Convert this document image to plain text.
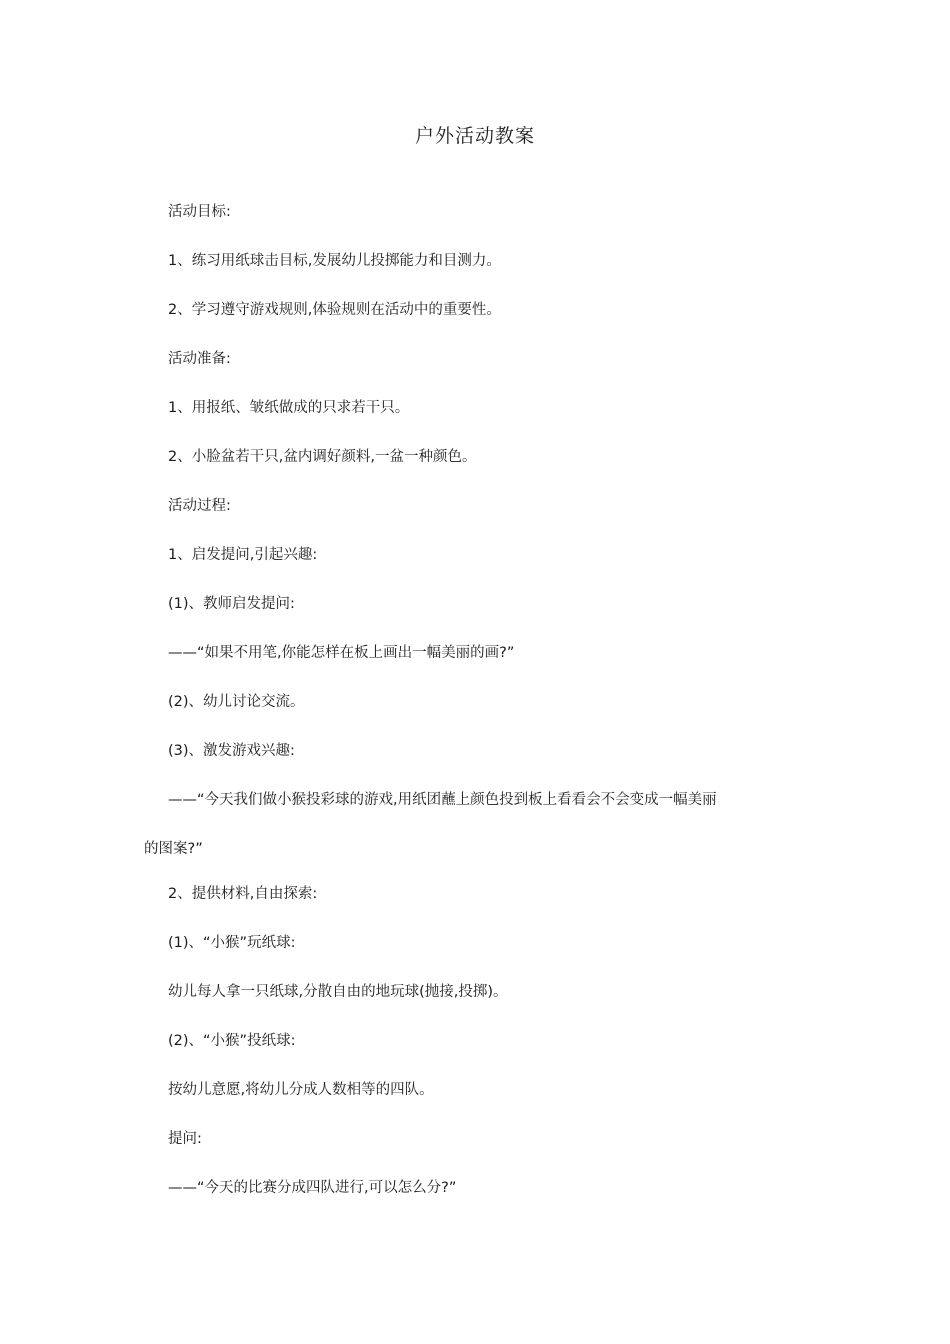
户外活动教案

活动目标:

1、练习用纸球击目标,发展幼儿投掷能力和目测力。

2、学习遵守游戏规则,体验规则在活动中的重要性。

活动准备:

1、用报纸、皱纸做成的只求若干只。

2、小脸盆若干只,盆内调好颜料,一盆一种颜色。

活动过程:

1、启发提问,引起兴趣:

(1)、教师启发提问:

——“如果不用笔,你能怎样在板上画出一幅美丽的画?”

(2)、幼儿讨论交流。

(3)、激发游戏兴趣:

——“今天我们做小猴投彩球的游戏,用纸团蘸上颜色投到板上看看会不会变成一幅美丽
的图案?”

2、提供材料,自由探索:

(1)、“小猴”玩纸球:

幼儿每人拿一只纸球,分散自由的地玩球(抛接,投掷)。

(2)、“小猴”投纸球:

按幼儿意愿,将幼儿分成人数相等的四队。

提问:

——“今天的比赛分成四队进行,可以怎么分?”
